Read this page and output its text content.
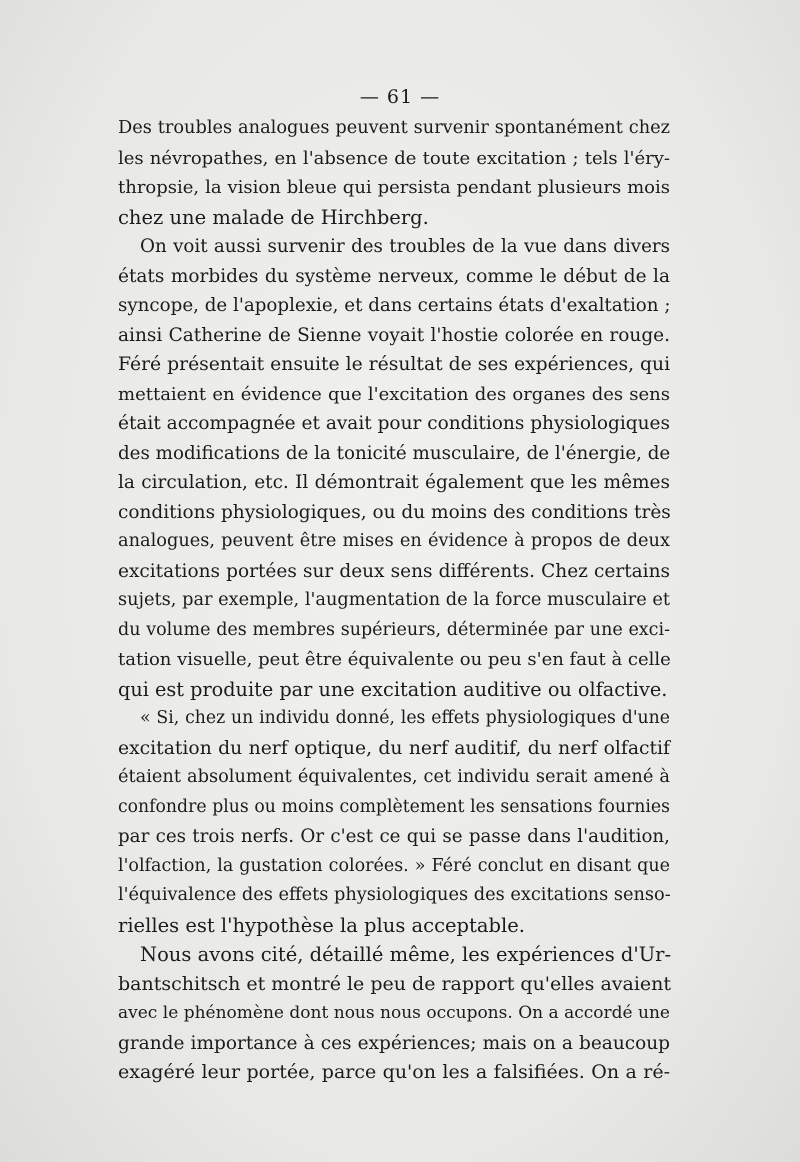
— 61 —
Des troubles analogues peuvent survenir spontanément chez
les névropathes, en l'absence de toute excitation ; tels l'éry-
thropsie, la vision bleue qui persista pendant plusieurs mois
chez une malade de Hirchberg.
On voit aussi survenir des troubles de la vue dans divers
états morbides du système nerveux, comme le début de la
syncope, de l'apoplexie, et dans certains états d'exaltation ;
ainsi Catherine de Sienne voyait l'hostie colorée en rouge.
Féré présentait ensuite le résultat de ses expériences, qui
mettaient en évidence que l'excitation des organes des sens
était accompagnée et avait pour conditions physiologiques
des modifications de la tonicité musculaire, de l'énergie, de
la circulation, etc. Il démontrait également que les mêmes
conditions physiologiques, ou du moins des conditions très
analogues, peuvent être mises en évidence à propos de deux
excitations portées sur deux sens différents. Chez certains
sujets, par exemple, l'augmentation de la force musculaire et
du volume des membres supérieurs, déterminée par une exci-
tation visuelle, peut être équivalente ou peu s'en faut à celle
qui est produite par une excitation auditive ou olfactive.
« Si, chez un individu donné, les effets physiologiques d'une
excitation du nerf optique, du nerf auditif, du nerf olfactif
étaient absolument équivalentes, cet individu serait amené à
confondre plus ou moins complètement les sensations fournies
par ces trois nerfs. Or c'est ce qui se passe dans l'audition,
l'olfaction, la gustation colorées. » Féré conclut en disant que
l'équivalence des effets physiologiques des excitations senso-
rielles est l'hypothèse la plus acceptable.
Nous avons cité, détaillé même, les expériences d'Ur-
bantschitsch et montré le peu de rapport qu'elles avaient
avec le phénomène dont nous nous occupons. On a accordé une
grande importance à ces expériences; mais on a beaucoup
exagéré leur portée, parce qu'on les a falsifiées. On a ré-
